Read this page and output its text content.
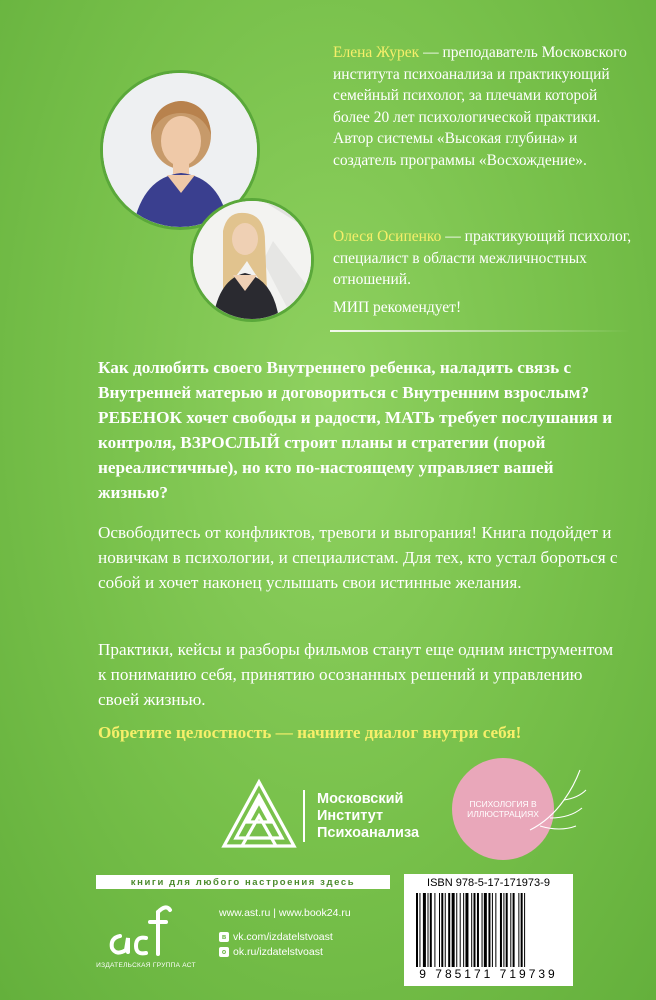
Елена Журек — преподаватель Московского института психоанализа и практикующий семейный психолог, за плечами которой более 20 лет психологической практики. Автор системы «Высокая глубина» и создатель программы «Восхождение».
Олеся Осипенко — практикующий психолог, специалист в области межличностных отношений.
МИП рекомендует!
Как долюбить своего Внутреннего ребенка, наладить связь с Внутренней матерью и договориться с Внутренним взрослым? РЕБЕНОК хочет свободы и радости, МАТЬ требует послушания и контроля, ВЗРОСЛЫЙ строит планы и стратегии (порой нереалистичные), но кто по-настоящему управляет вашей жизнью?
Освободитесь от конфликтов, тревоги и выгорания! Книга подойдет и новичкам в психологии, и специалистам. Для тех, кто устал бороться с собой и хочет наконец услышать свои истинные желания.
Практики, кейсы и разборы фильмов станут еще одним инструментом к пониманию себя, принятию осознанных решений и управлению своей жизнью.
Обретите целостность — начните диалог внутри себя!
Московский
Институт
Психоанализа
ПСИХОЛОГИЯ В ИЛЛЮСТРАЦИЯХ
книги для любого настроения здесь
ИЗДАТЕЛЬСКАЯ ГРУППА АСТ
www.ast.ru | www.book24.ru
в vk.com/izdatelstvoast
о ok.ru/izdatelstvoast
ISBN 978-5-17-171973-9
9 785171 719739
